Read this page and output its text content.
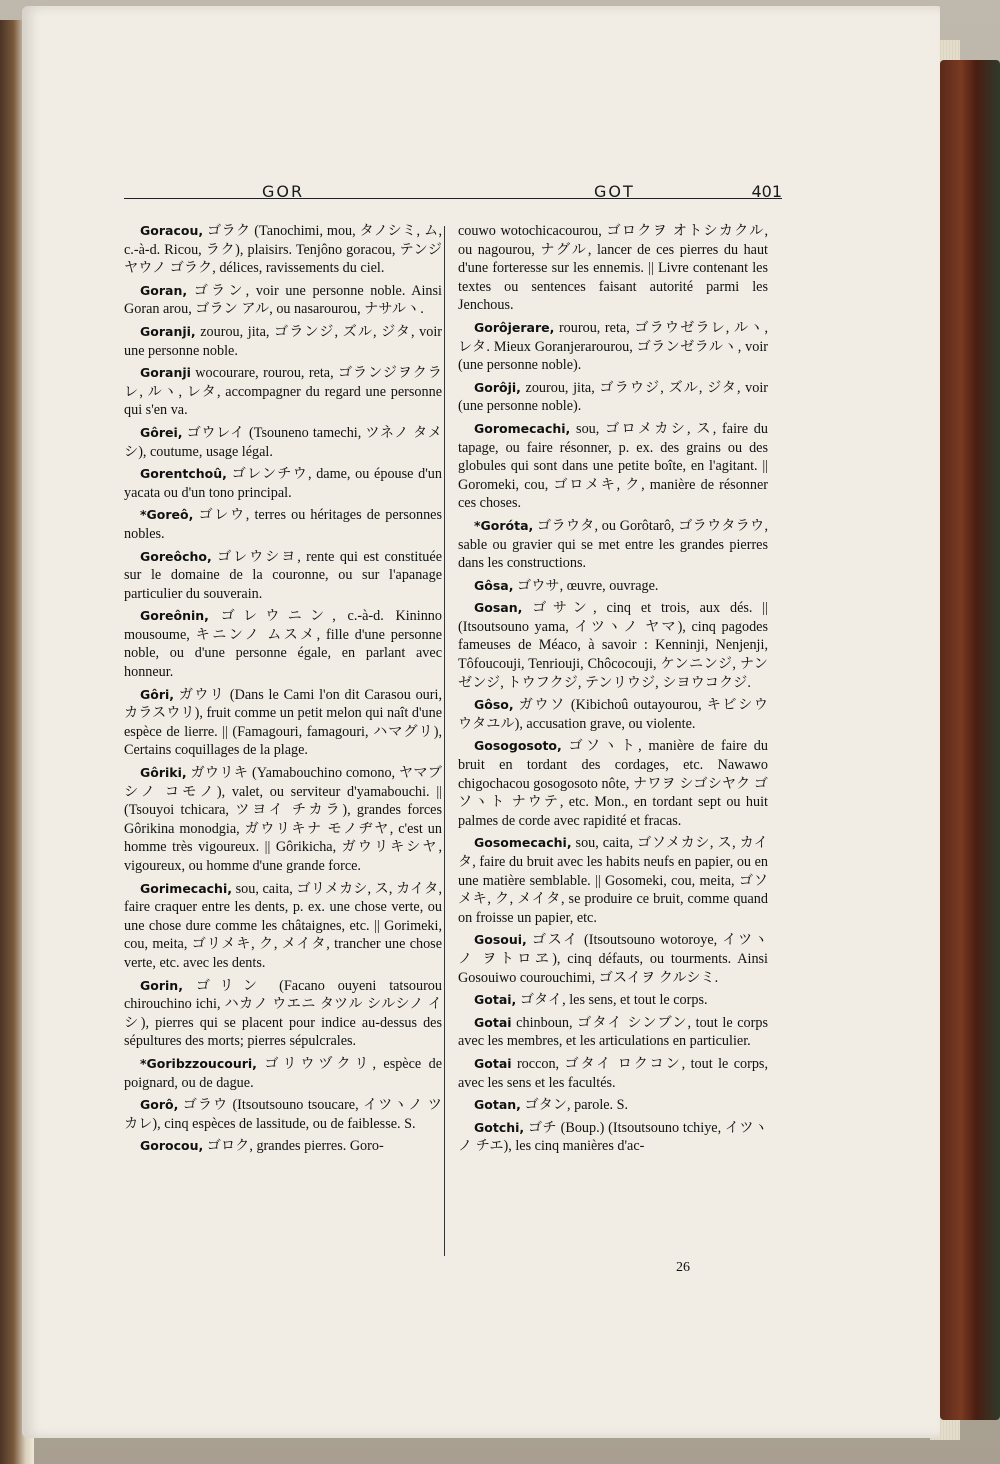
GOR	GOT	401

Goracou, ゴラク (Tanochimi, mou, タノシミ, ム, c.-à-d. Ricou, ラク), plaisirs. Tenjôno goracou, テンジヤウノ ゴラク, délices, ravissements du ciel.

Goran, ゴラン, voir une personne noble. Ainsi Goran arou, ゴラン アル, ou nasarourou, ナサルヽ.

Goranji, zourou, jita, ゴランジ, ズル, ジタ, voir une personne noble.

Goranji wocourare, rourou, reta, ゴランジヲクラレ, ルヽ, レタ, accompagner du regard une personne qui s'en va.

Gôrei, ゴウレイ (Tsouneno tamechi, ツネノ タメシ), coutume, usage légal.

Gorentchoû, ゴレンチウ, dame, ou épouse d'un yacata ou d'un tono principal.

*Goreô, ゴレウ, terres ou héritages de personnes nobles.

Goreôcho, ゴレウシヨ, rente qui est constituée sur le domaine de la couronne, ou sur l'apanage particulier du souverain.

Goreônin, ゴレウニン, c.-à-d. Kininno mousoume, キニンノ ムスメ, fille d'une personne noble, ou d'une personne égale, en parlant avec honneur.

Gôri, ガウリ (Dans le Cami l'on dit Carasou ouri, カラスウリ), fruit comme un petit melon qui naît d'une espèce de lierre. || (Famagouri, famagouri, ハマグリ), Certains coquillages de la plage.

Gôriki, ガウリキ (Yamabouchino comono, ヤマブシノ コモノ), valet, ou serviteur d'yamabouchi. || (Tsouyoi tchicara, ツヨイ チカラ), grandes forces Gôrikina monodgia, ガウリキナ モノヂヤ, c'est un homme très vigoureux. || Gôrikicha, ガウリキシヤ, vigoureux, ou homme d'une grande force.

Gorimecachi, sou, caita, ゴリメカシ, ス, カイタ, faire craquer entre les dents, p. ex. une chose verte, ou une chose dure comme les châtaignes, etc. || Gorimeki, cou, meita, ゴリメキ, ク, メイタ, trancher une chose verte, etc. avec les dents.

Gorin, ゴリン (Facano ouyeni tatsourou chirouchino ichi, ハカノ ウエニ タツル シルシノ イシ), pierres qui se placent pour indice au-dessus des sépultures des morts; pierres sépulcrales.

*Goribzzoucouri, ゴリウヅクリ, espèce de poignard, ou de dague.

Gorô, ゴラウ (Itsoutsouno tsoucare, イツヽノ ツカレ), cinq espèces de lassitude, ou de faiblesse. S.

Gorocou, ゴロク, grandes pierres. Goro-

couwo wotochicacourou, ゴロクヲ オトシカクル, ou nagourou, ナグル, lancer de ces pierres du haut d'une forteresse sur les ennemis. || Livre contenant les textes ou sentences faisant autorité parmi les Jenchous.

Gorôjerare, rourou, reta, ゴラウゼラレ, ルヽ, レタ. Mieux Goranjerarourou, ゴランゼラルヽ, voir (une personne noble).

Gorôji, zourou, jita, ゴラウジ, ズル, ジタ, voir (une personne noble).

Goromecachi, sou, ゴロメカシ, ス, faire du tapage, ou faire résonner, p. ex. des grains ou des globules qui sont dans une petite boîte, en l'agitant. || Goromeki, cou, ゴロメキ, ク, manière de résonner ces choses.

*Goróta, ゴラウタ, ou Gorôtarô, ゴラウタラウ, sable ou gravier qui se met entre les grandes pierres dans les constructions.

Gôsa, ゴウサ, œuvre, ouvrage.

Gosan, ゴサン, cinq et trois, aux dés. || (Itsoutsouno yama, イツヽノ ヤマ), cinq pagodes fameuses de Méaco, à savoir : Kenninji, Nenjenji, Tôfoucouji, Tenriouji, Chôcocouji, ケンニンジ, ナンゼンジ, トウフクジ, テンリウジ, シヨウコクジ.

Gôso, ガウソ (Kibichoû outayourou, キビシウ ウタユル), accusation grave, ou violente.

Gosogosoto, ゴソヽト, manière de faire du bruit en tordant des cordages, etc. Nawawo chigochacou gosogosoto nôte, ナワヲ シゴシヤク ゴソヽト ナウテ, etc. Mon., en tordant sept ou huit palmes de corde avec rapidité et fracas.

Gosomecachi, sou, caita, ゴソメカシ, ス, カイタ, faire du bruit avec les habits neufs en papier, ou en une matière semblable. || Gosomeki, cou, meita, ゴソメキ, ク, メイタ, se produire ce bruit, comme quand on froisse un papier, etc.

Gosoui, ゴスイ (Itsoutsouno wotoroye, イツヽノ ヲトロヱ), cinq défauts, ou tourments. Ainsi Gosouiwo courouchimi, ゴスイヲ クルシミ.

Gotai, ゴタイ, les sens, et tout le corps.

Gotai chinboun, ゴタイ シンブン, tout le corps avec les membres, et les articulations en particulier.

Gotai roccon, ゴタイ ロクコン, tout le corps, avec les sens et les facultés.

Gotan, ゴタン, parole. S.

Gotchi, ゴチ (Boup.) (Itsoutsouno tchiye, イツヽノ チエ), les cinq manières d'ac-

26
